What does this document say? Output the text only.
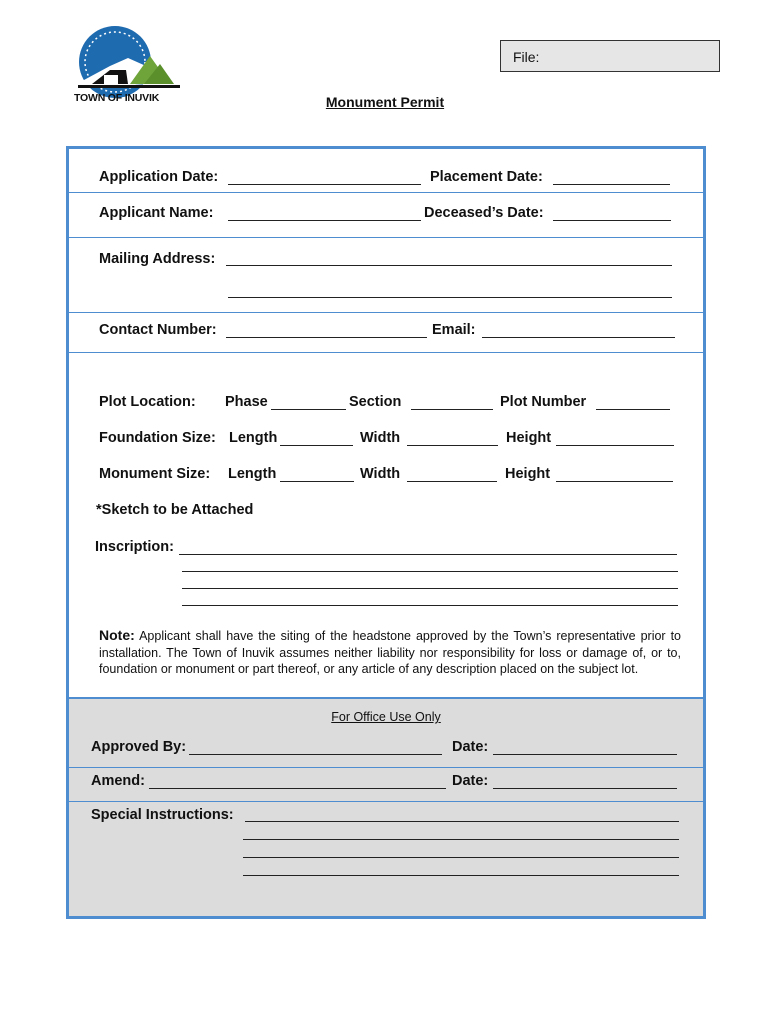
TOWN OF INUVIK
File:
Monument Permit
Application Date:	Placement Date:
Applicant Name:	Deceased’s Date:
Mailing Address:
Contact Number:	Email:
Plot Location: Phase	Section	Plot Number
Foundation Size: Length	Width	Height
Monument Size: Length	Width	Height
*Sketch to be Attached
Inscription:
Note: Applicant shall have the siting of the headstone approved by the Town’s representative prior to installation. The Town of Inuvik assumes neither liability nor responsibility for loss or damage of, or to, foundation or monument or part thereof, or any article of any description placed on the subject lot.
For Office Use Only
Approved By:	Date:
Amend:	Date:
Special Instructions:
